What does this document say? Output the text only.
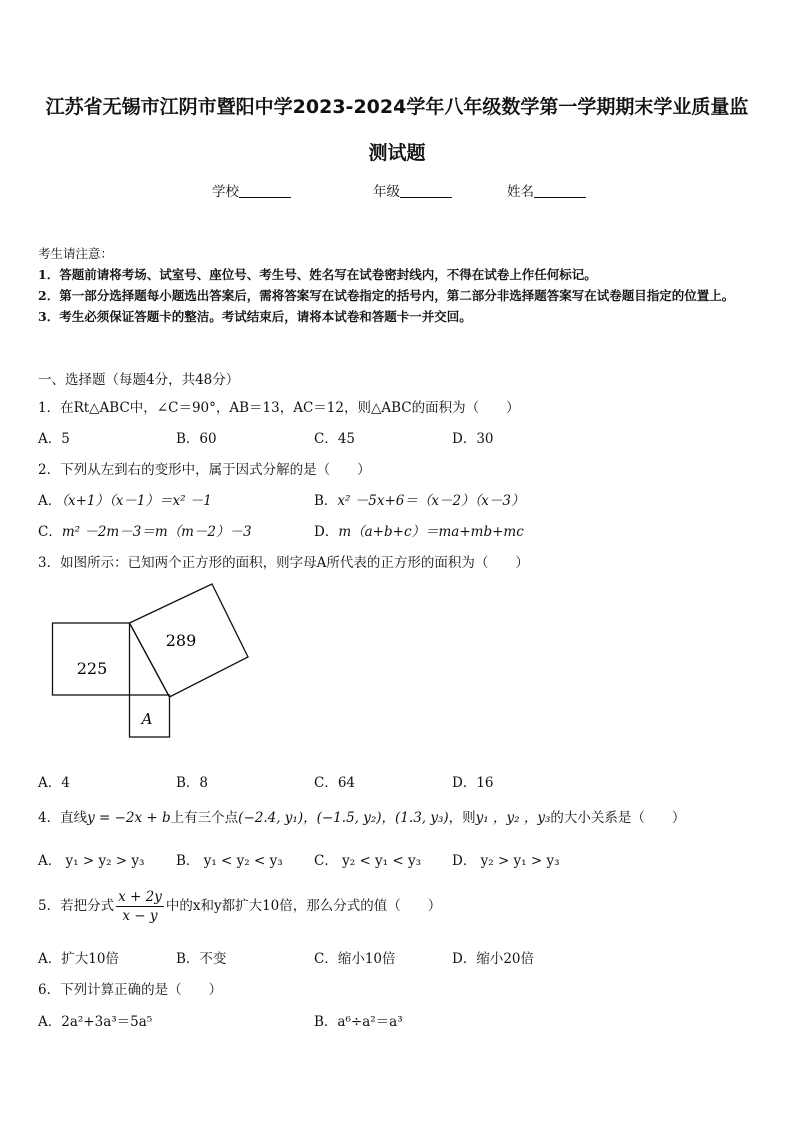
江苏省无锡市江阴市暨阳中学2023-2024学年八年级数学第一学期期末学业质量监测试题
学校	年级	姓名
考生请注意：
1．答题前请将考场、试室号、座位号、考生号、姓名写在试卷密封线内，不得在试卷上作任何标记。
2．第一部分选择题每小题选出答案后，需将答案写在试卷指定的括号内，第二部分非选择题答案写在试卷题目指定的位置上。
3．考生必须保证答题卡的整洁。考试结束后，请将本试卷和答题卡一并交回。
一、选择题（每题4分，共48分）
1．在Rt△ABC中，∠C＝90°，AB＝13，AC＝12，则△ABC的面积为（　　）
A．5	B．60	C．45	D．30
2．下列从左到右的变形中，属于因式分解的是（　　）
A．（x+1）（x－1）＝x² －1	B．x² －5x+6＝（x－2）（x－3）
C．m² －2m－3＝m（m－2）－3	D．m（a+b+c）＝ma+mb+mc
3．如图所示：已知两个正方形的面积，则字母A所代表的正方形的面积为（　　）
225
289
A
A．4	B．8	C．64	D．16
4．直线y = −2x + b上有三个点(−2.4, y₁)，(−1.5, y₂)，(1.3, y₃)，则y₁ ，y₂ ，y₃的大小关系是（　　）
A． y₁ > y₂ > y₃ B． y₁ < y₂ < y₃ C． y₂ < y₁ < y₃ D． y₂ > y₁ > y₃
5．若把分式 $\frac{x + 2y}{x - y}$ 中的x和y都扩大10倍，那么分式的值（　　）
A．扩大10倍	B．不变	C．缩小10倍	D．缩小20倍
6．下列计算正确的是（　　）
A．2a²+3a³＝5a⁵	B．a⁶÷a²＝a³
